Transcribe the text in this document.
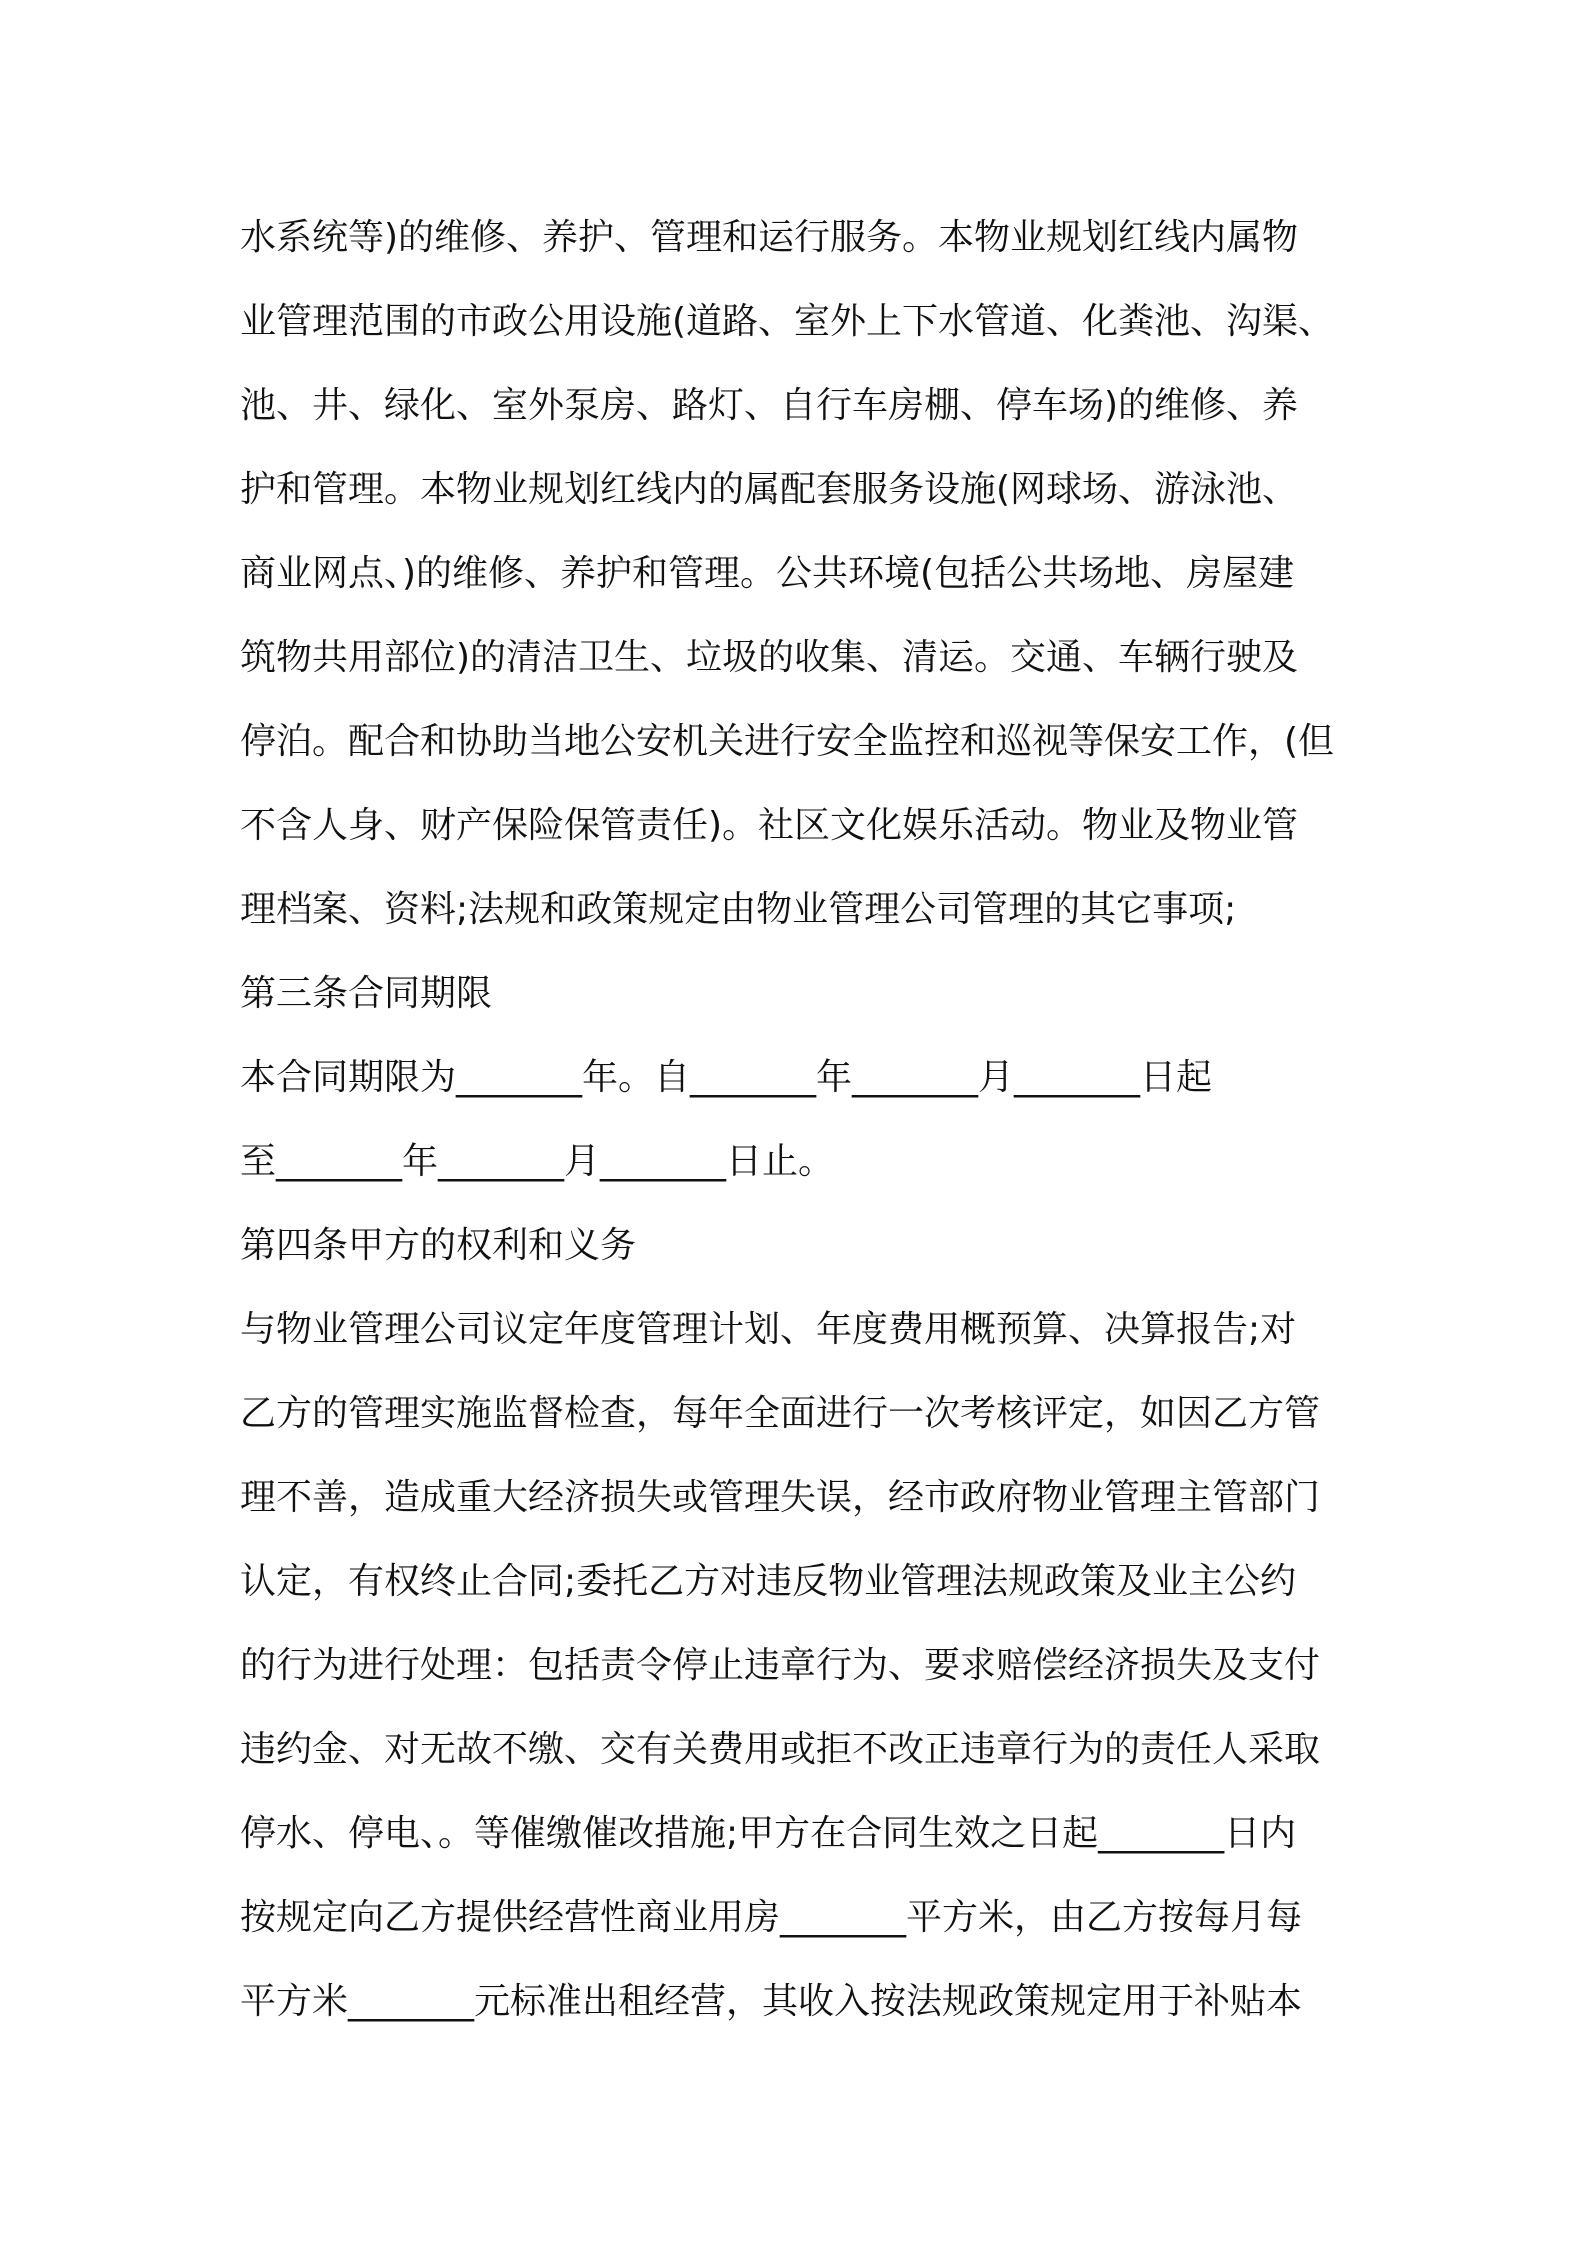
水系统等)的维修、养护、管理和运行服务。本物业规划红线内属物
业管理范围的市政公用设施(道路、室外上下水管道、化粪池、沟渠、
池、井、绿化、室外泵房、路灯、自行车房棚、停车场)的维修、养
护和管理。本物业规划红线内的属配套服务设施(网球场、游泳池、
商业网点、)的维修、养护和管理。公共环境(包括公共场地、房屋建
筑物共用部位)的清洁卫生、垃圾的收集、清运。交通、车辆行驶及
停泊。配合和协助当地公安机关进行安全监控和巡视等保安工作，(但
不含人身、财产保险保管责任)。社区文化娱乐活动。物业及物业管
理档案、资料;法规和政策规定由物业管理公司管理的其它事项;
第三条合同期限
本合同期限为_______年。自_______年_______月_______日起
至_______年_______月_______日止。
第四条甲方的权利和义务
与物业管理公司议定年度管理计划、年度费用概预算、决算报告;对
乙方的管理实施监督检查，每年全面进行一次考核评定，如因乙方管
理不善，造成重大经济损失或管理失误，经市政府物业管理主管部门
认定，有权终止合同;委托乙方对违反物业管理法规政策及业主公约
的行为进行处理：包括责令停止违章行为、要求赔偿经济损失及支付
违约金、对无故不缴、交有关费用或拒不改正违章行为的责任人采取
停水、停电、。等催缴催改措施;甲方在合同生效之日起_______日内
按规定向乙方提供经营性商业用房_______平方米，由乙方按每月每
平方米_______元标准出租经营，其收入按法规政策规定用于补贴本
